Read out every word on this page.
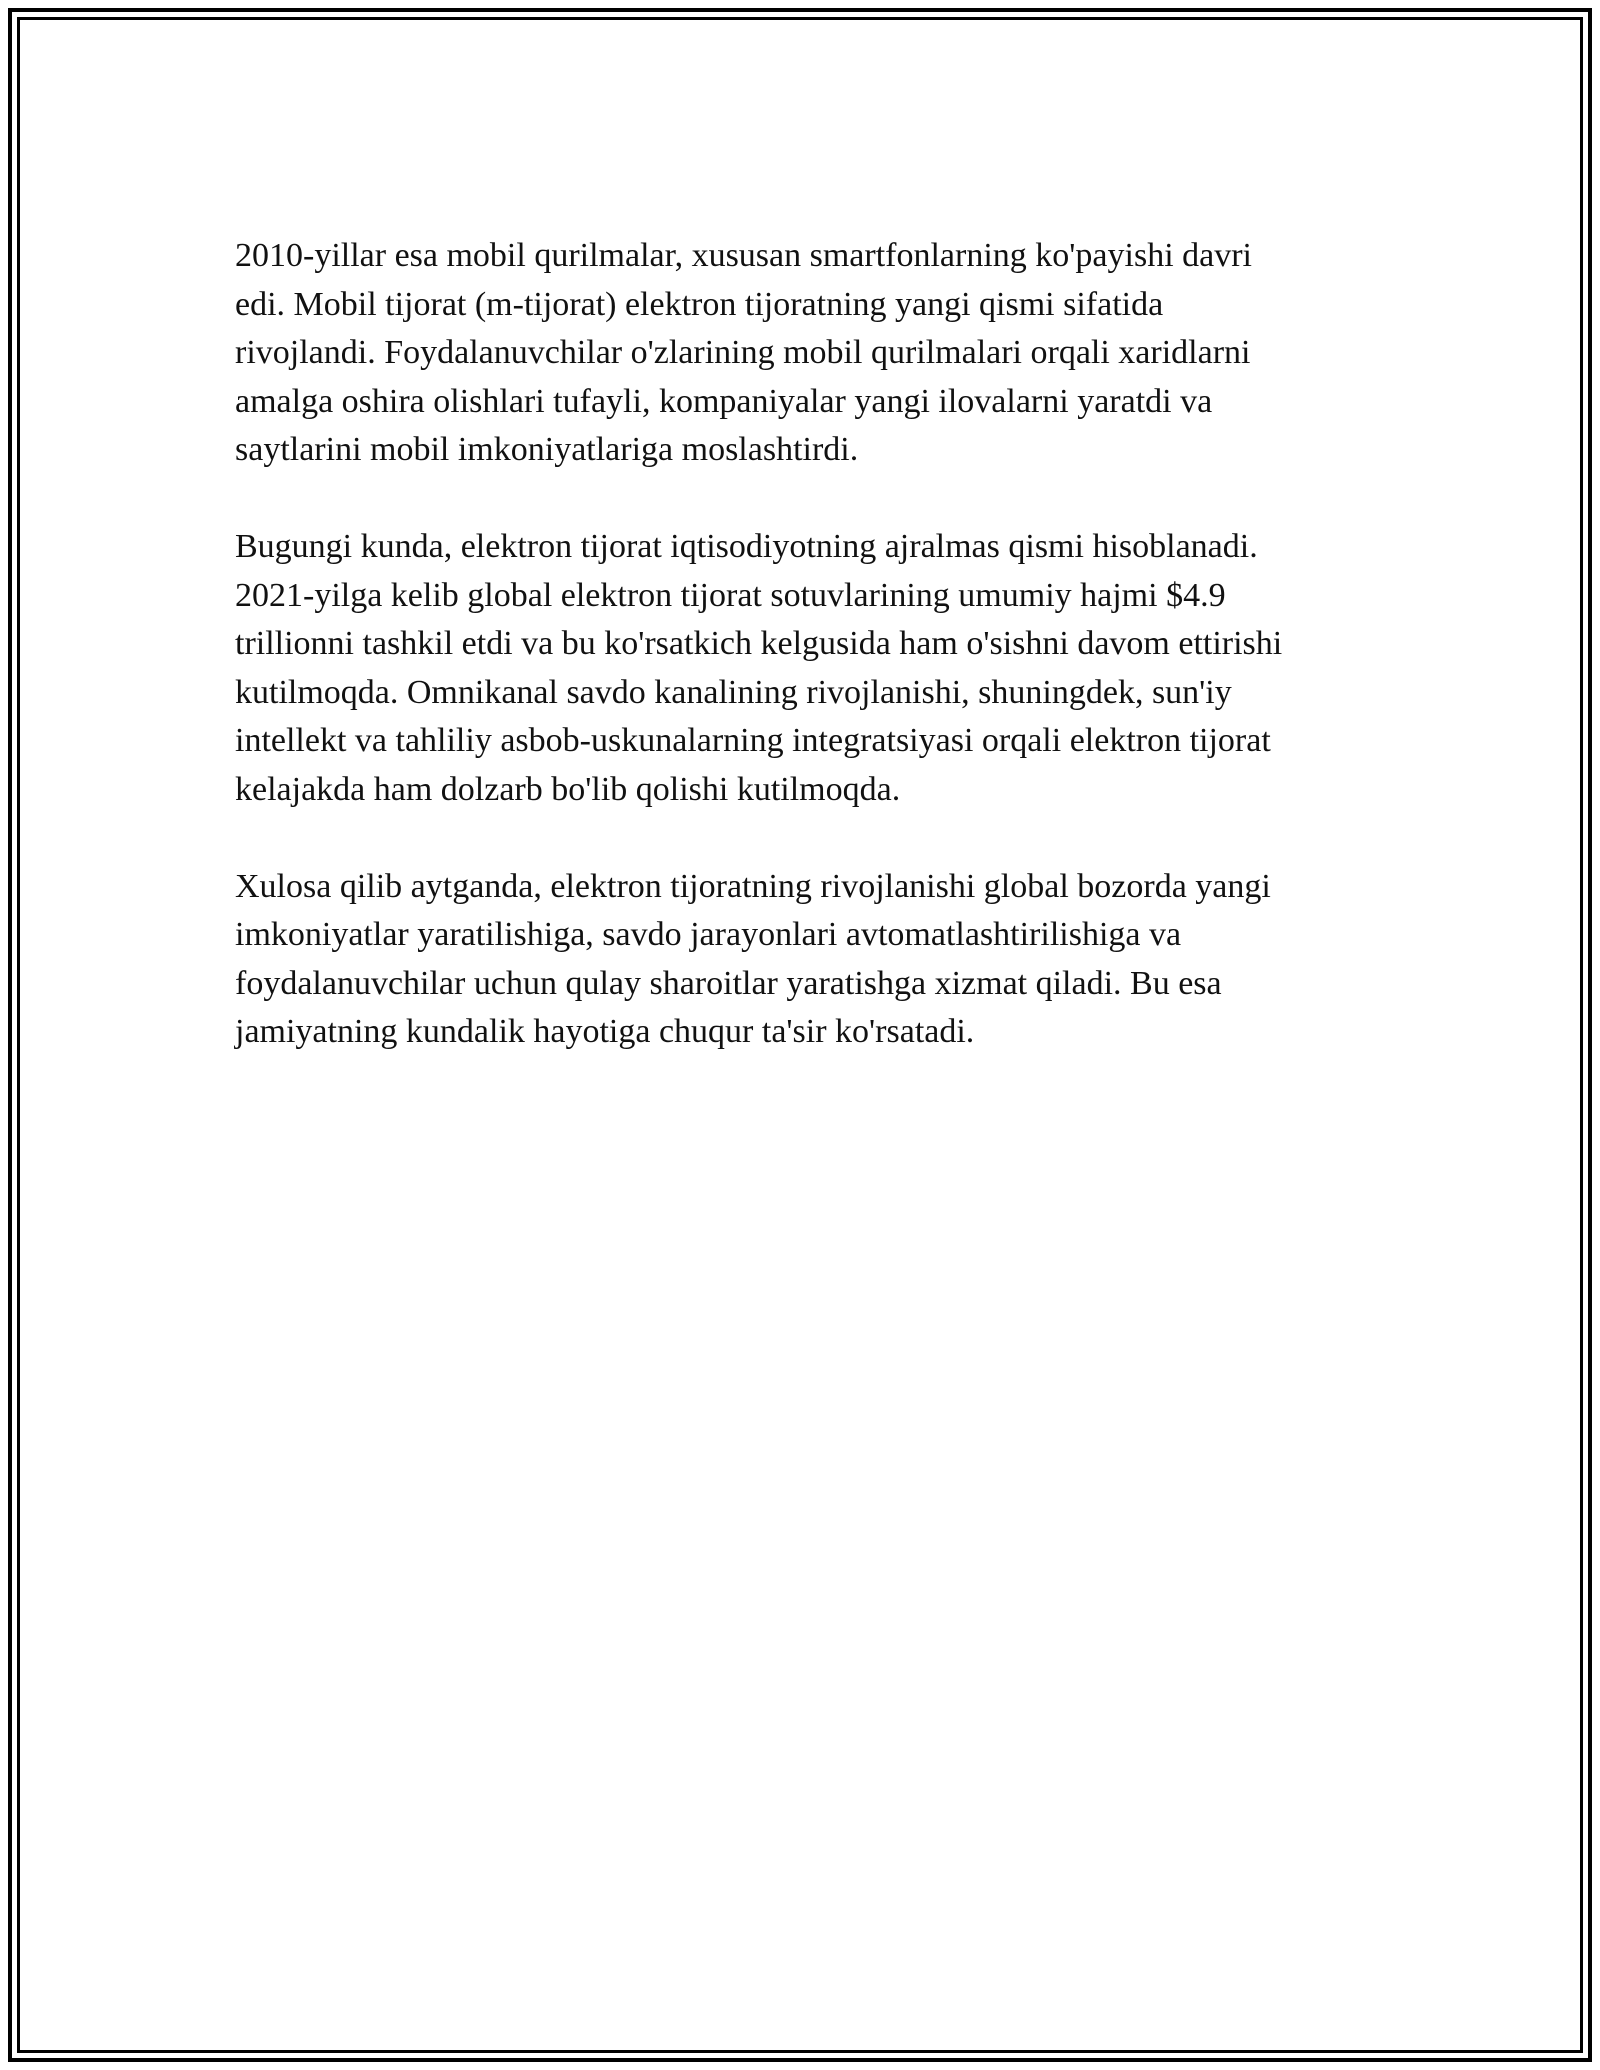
2010-yillar esa mobil qurilmalar, xususan smartfonlarning ko'payishi davri
edi. Mobil tijorat (m-tijorat) elektron tijoratning yangi qismi sifatida
rivojlandi. Foydalanuvchilar o'zlarining mobil qurilmalari orqali xaridlarni
amalga oshira olishlari tufayli, kompaniyalar yangi ilovalarni yaratdi va
saytlarini mobil imkoniyatlariga moslashtirdi.

Bugungi kunda, elektron tijorat iqtisodiyotning ajralmas qismi hisoblanadi.
2021-yilga kelib global elektron tijorat sotuvlarining umumiy hajmi $4.9
trillionni tashkil etdi va bu ko'rsatkich kelgusida ham o'sishni davom ettirishi
kutilmoqda. Omnikanal savdo kanalining rivojlanishi, shuningdek, sun'iy
intellekt va tahliliy asbob-uskunalarning integratsiyasi orqali elektron tijorat
kelajakda ham dolzarb bo'lib qolishi kutilmoqda.

Xulosa qilib aytganda, elektron tijoratning rivojlanishi global bozorda yangi
imkoniyatlar yaratilishiga, savdo jarayonlari avtomatlashtirilishiga va
foydalanuvchilar uchun qulay sharoitlar yaratishga xizmat qiladi. Bu esa
jamiyatning kundalik hayotiga chuqur ta'sir ko'rsatadi.
